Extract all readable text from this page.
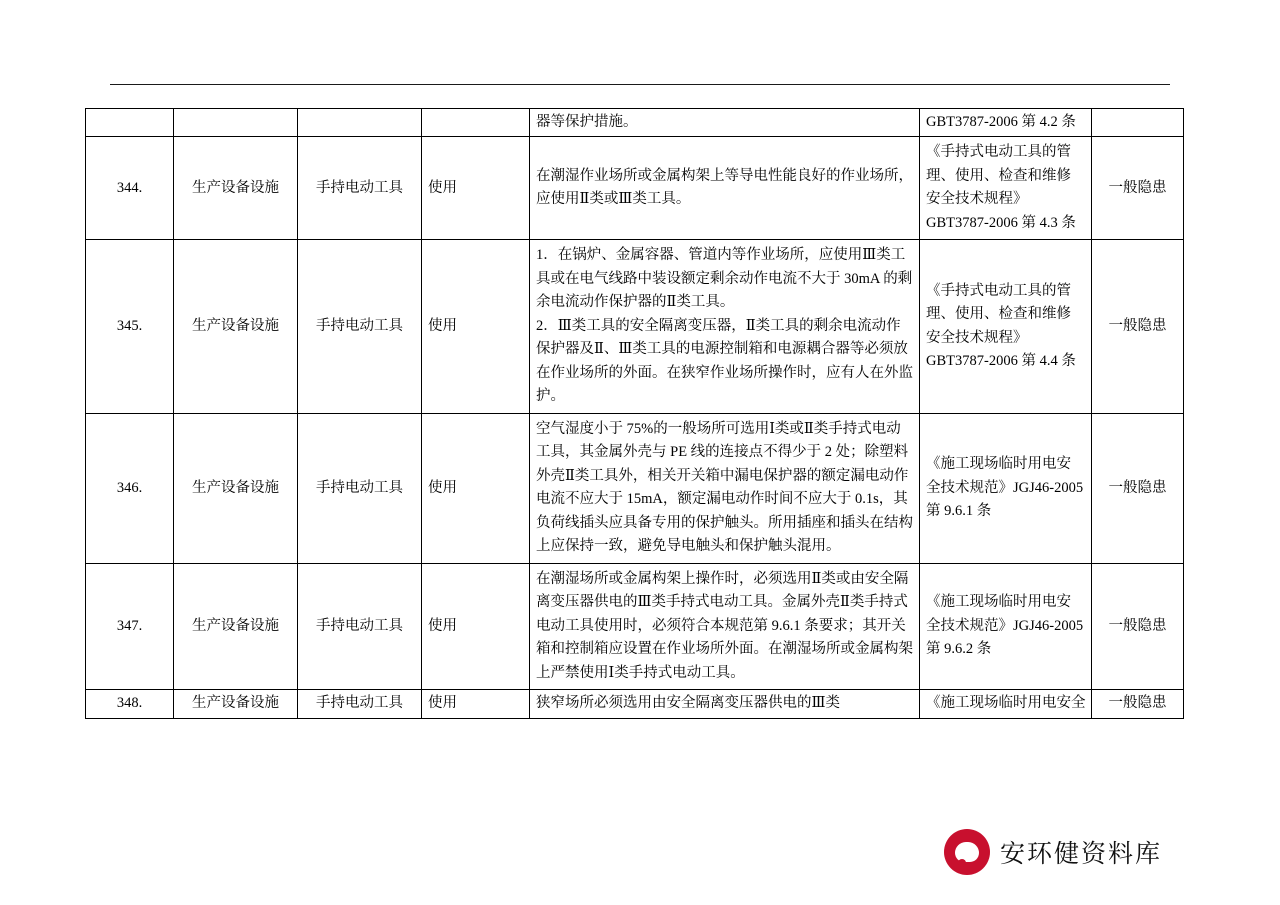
				器等保护措施。	GBT3787-2006 第 4.2 条	
344.	生产设备设施	手持电动工具	使用	在潮湿作业场所或金属构架上等导电性能良好的作业场所，应使用Ⅱ类或Ⅲ类工具。	《手持式电动工具的管理、使用、检查和维修安全技术规程》GBT3787-2006 第 4.3 条	一般隐患
345.	生产设备设施	手持电动工具	使用	1．在锅炉、金属容器、管道内等作业场所，应使用Ⅲ类工具或在电气线路中装设额定剩余动作电流不大于 30mA 的剩余电流动作保护器的Ⅱ类工具。

2．Ⅲ类工具的安全隔离变压器，Ⅱ类工具的剩余电流动作保护器及Ⅱ、Ⅲ类工具的电源控制箱和电源耦合器等必须放在作业场所的外面。在狭窄作业场所操作时，应有人在外监护。	《手持式电动工具的管理、使用、检查和维修安全技术规程》GBT3787-2006 第 4.4 条	一般隐患
346.	生产设备设施	手持电动工具	使用	空气湿度小于 75%的一般场所可选用Ⅰ类或Ⅱ类手持式电动工具，其金属外壳与 PE 线的连接点不得少于 2 处；除塑料外壳Ⅱ类工具外，相关开关箱中漏电保护器的额定漏电动作电流不应大于 15mA，额定漏电动作时间不应大于 0.1s，其负荷线插头应具备专用的保护触头。所用插座和插头在结构上应保持一致，避免导电触头和保护触头混用。	《施工现场临时用电安全技术规范》JGJ46-2005 第 9.6.1 条	一般隐患
347.	生产设备设施	手持电动工具	使用	在潮湿场所或金属构架上操作时，必须选用Ⅱ类或由安全隔离变压器供电的Ⅲ类手持式电动工具。金属外壳Ⅱ类手持式电动工具使用时，必须符合本规范第 9.6.1 条要求；其开关箱和控制箱应设置在作业场所外面。在潮湿场所或金属构架上严禁使用Ⅰ类手持式电动工具。	《施工现场临时用电安全技术规范》JGJ46-2005 第 9.6.2 条	一般隐患
348.	生产设备设施	手持电动工具	使用	狭窄场所必须选用由安全隔离变压器供电的Ⅲ类	《施工现场临时用电安全	一般隐患
安环健资料库
